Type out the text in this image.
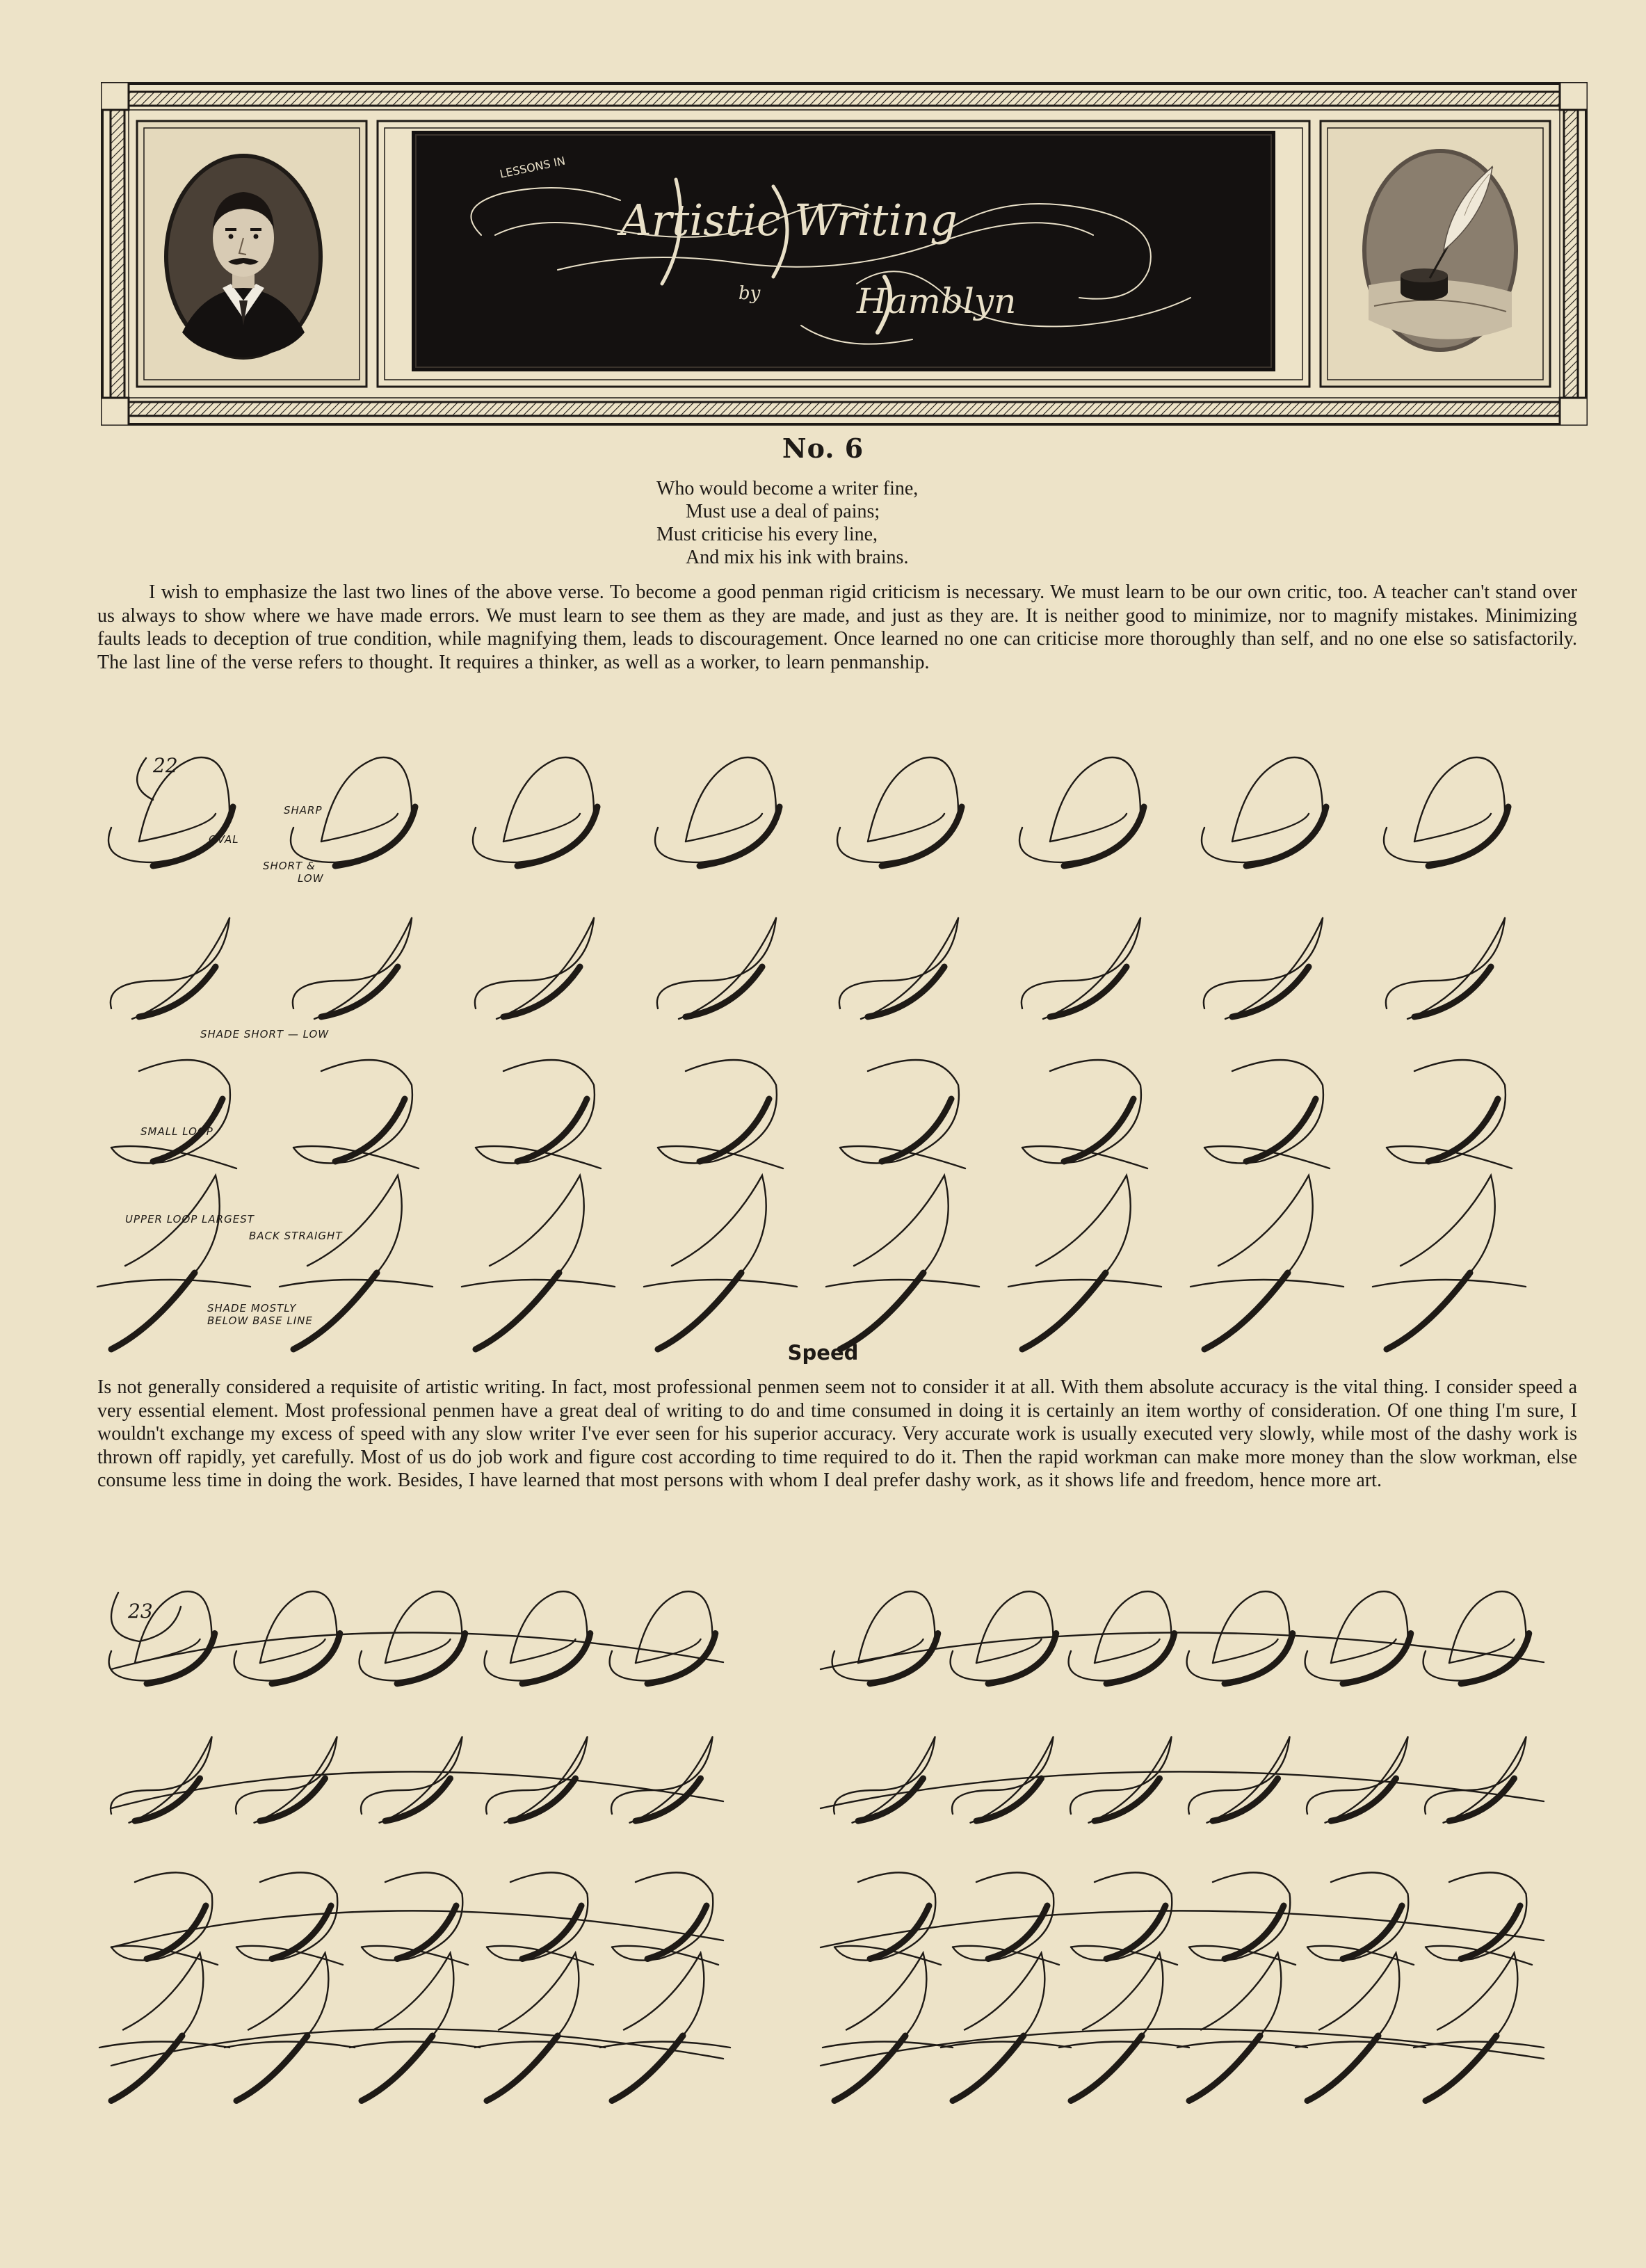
LESSONS IN
Artistic Writing
by	Hamblyn
No. 6
Who would become a writer fine,
Must use a deal of pains;
Must criticise his every line,
And mix his ink with brains.
I wish to emphasize the last two lines of the above verse. To become a good penman rigid criticism is necessary. We must learn to be our own critic, too. A teacher can't stand over us always to show where we have made errors. We must learn to see them as they are made, and just as they are. It is neither good to minimize, nor to magnify mistakes. Minimizing faults leads to deception of true condition, while magnifying them, leads to discouragement. Once learned no one can criticise more thoroughly than self, and no one else so satisfactorily. The last line of the verse refers to thought. It requires a thinker, as well as a worker, to learn penmanship.
22
SHARP
OVAL
SHORT &
LOW
SHADE SHORT — LOW
SMALL LOOP
UPPER LOOP LARGEST
BACK STRAIGHT
SHADE MOSTLY
BELOW BASE LINE
Speed
Is not generally considered a requisite of artistic writing. In fact, most professional penmen seem not to consider it at all. With them absolute accuracy is the vital thing. I consider speed a very essential element. Most professional penmen have a great deal of writing to do and time consumed in doing it is certainly an item worthy of consideration. Of one thing I'm sure, I wouldn't exchange my excess of speed with any slow writer I've ever seen for his superior accuracy. Very accurate work is usually executed very slowly, while most of the dashy work is thrown off rapidly, yet carefully. Most of us do job work and figure cost according to time required to do it. Then the rapid workman can make more money than the slow workman, else consume less time in doing the work. Besides, I have learned that most persons with whom I deal prefer dashy work, as it shows life and freedom, hence more art.
23
